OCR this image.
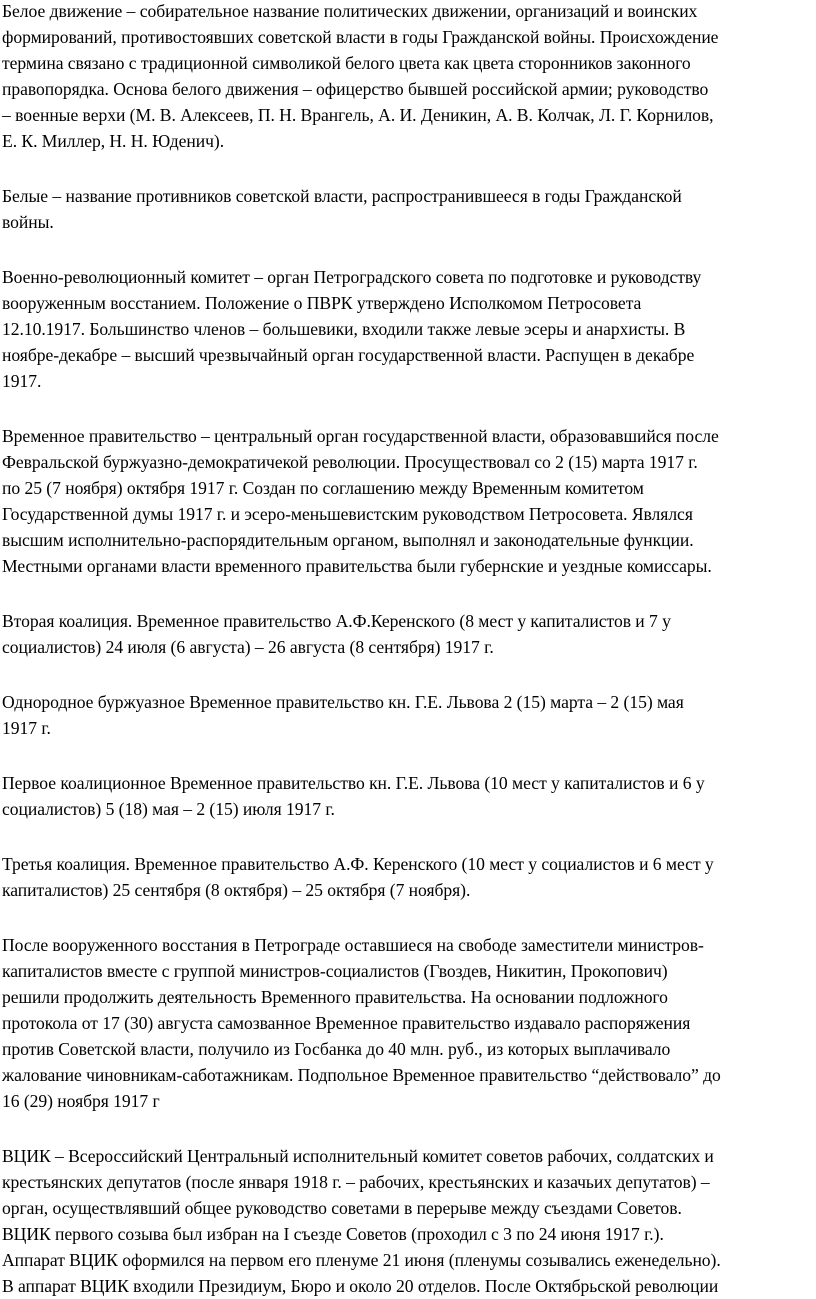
Белое движение – собирательное название политических движении, организаций и воинских
формирований, противостоявших советской власти в годы Гражданской войны. Происхождение
термина связано с традиционной символикой белого цвета как цвета сторонников законного
правопорядка. Основа белого движения – офицерство бывшей российской армии; руководство
– военные верхи (М. В. Алексеев, П. Н. Врангель, А. И. Деникин, А. В. Колчак, Л. Г. Корнилов,
Е. К. Миллер, Н. Н. Юденич).

Белые – название противников советской власти, распространившееся в годы Гражданской
войны.

Военно-революционный комитет – орган Петроградского совета по подготовке и руководству
вооруженным восстанием. Положение о ПВРК утверждено Исполкомом Петросовета
12.10.1917. Большинство членов – большевики, входили также левые эсеры и анархисты. В
ноябре-декабре – высший чрезвычайный орган государственной власти. Распущен в декабре
1917.

Временное правительство – центральный орган государственной власти, образовавшийся после
Февральской буржуазно-демократичекой революции. Просуществовал со 2 (15) марта 1917 г.
по 25 (7 ноября) октября 1917 г. Создан по соглашению между Временным комитетом
Государственной думы 1917 г. и эсеро-меньшевистским руководством Петросовета. Являлся
высшим исполнительно-распорядительным органом, выполнял и законодательные функции.
Местными органами власти временного правительства были губернские и уездные комиссары.

Вторая коалиция. Временное правительство А.Ф.Керенского (8 мест у капиталистов и 7 у
социалистов) 24 июля (6 августа) – 26 августа (8 сентября) 1917 г.

Однородное буржуазное Временное правительство кн. Г.Е. Львова 2 (15) марта – 2 (15) мая
1917 г.

Первое коалиционное Временное правительство кн. Г.Е. Львова (10 мест у капиталистов и 6 у
социалистов) 5 (18) мая – 2 (15) июля 1917 г.

Третья коалиция. Временное правительство А.Ф. Керенского (10 мест у социалистов и 6 мест у
капиталистов) 25 сентября (8 октября) – 25 октября (7 ноября).

После вооруженного восстания в Петрограде оставшиеся на свободе заместители министров-
капиталистов вместе с группой министров-социалистов (Гвоздев, Никитин, Прокопович)
решили продолжить деятельность Временного правительства. На основании подложного
протокола от 17 (30) августа самозванное Временное правительство издавало распоряжения
против Советской власти, получило из Госбанка до 40 млн. руб., из которых выплачивало
жалование чиновникам-саботажникам. Подпольное Временное правительство “действовало” до
16 (29) ноября 1917 г

ВЦИК – Всероссийский Центральный исполнительный комитет советов рабочих, солдатских и
крестьянских депутатов (после января 1918 г. – рабочих, крестьянских и казачьих депутатов) –
орган, осуществлявший общее руководство советами в перерыве между съездами Советов.
ВЦИК первого созыва был избран на I съезде Советов (проходил с 3 по 24 июня 1917 г.).
Аппарат ВЦИК оформился на первом его пленуме 21 июня (пленумы созывались еженедельно).
В аппарат ВЦИК входили Президиум, Бюро и около 20 отделов. После Октябрьской революции
